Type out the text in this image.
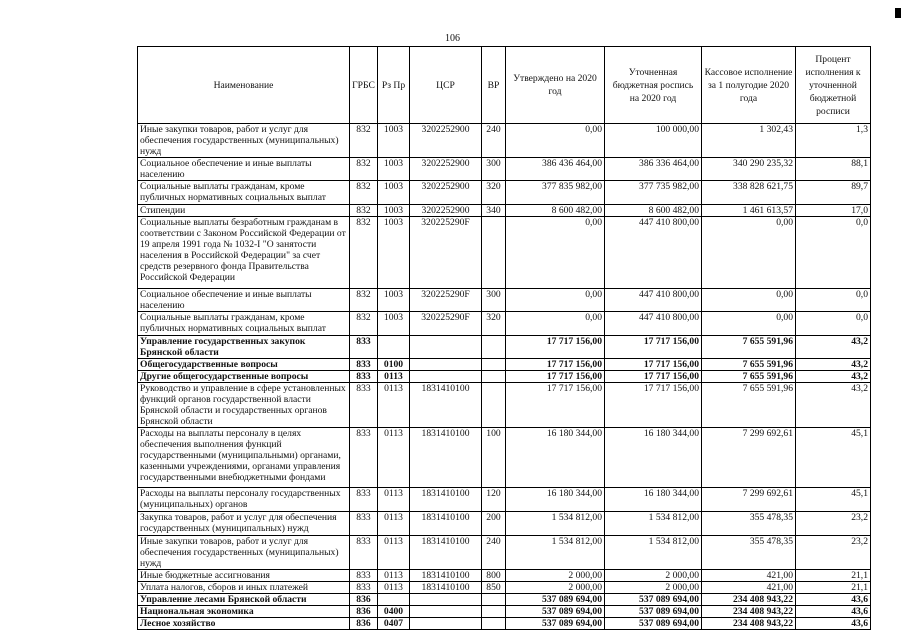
106
Наименование	ГРБС	Рз Пр	ЦСР	ВР	Утверждено на 2020 год	Уточненная бюджетная роспись на 2020 год	Кассовое исполнение за 1 полугодие 2020 года	Процент исполнения к уточненной бюджетной росписи
Иные закупки товаров, работ и услуг для обеспечения государственных (муниципальных) нужд	832	1003	3202252900	240	0,00	100 000,00	1 302,43	1,3
Социальное обеспечение и иные выплаты населению	832	1003	3202252900	300	386 436 464,00	386 336 464,00	340 290 235,32	88,1
Социальные выплаты гражданам, кроме публичных нормативных социальных выплат	832	1003	3202252900	320	377 835 982,00	377 735 982,00	338 828 621,75	89,7
Стипендии	832	1003	3202252900	340	8 600 482,00	8 600 482,00	1 461 613,57	17,0
Социальные выплаты безработным гражданам в соответствии с Законом Российской Федерации от 19 апреля 1991 года № 1032-I "О занятости населения в Российской Федерации" за счет средств резервного фонда Правительства Российской Федерации	832	1003	320225290F		0,00	447 410 800,00	0,00	0,0
Социальное обеспечение и иные выплаты населению	832	1003	320225290F	300	0,00	447 410 800,00	0,00	0,0
Социальные выплаты гражданам, кроме публичных нормативных социальных выплат	832	1003	320225290F	320	0,00	447 410 800,00	0,00	0,0
Управление государственных закупок Брянской области	833				17 717 156,00	17 717 156,00	7 655 591,96	43,2
Общегосударственные вопросы	833	0100			17 717 156,00	17 717 156,00	7 655 591,96	43,2
Другие общегосударственные вопросы	833	0113			17 717 156,00	17 717 156,00	7 655 591,96	43,2
Руководство и управление в сфере установленных функций органов государственной власти Брянской области и государственных органов Брянской области	833	0113	1831410100		17 717 156,00	17 717 156,00	7 655 591,96	43,2
Расходы на выплаты персоналу в целях обеспечения выполнения функций государственными (муниципальными) органами, казенными учреждениями, органами управления государственными внебюджетными фондами	833	0113	1831410100	100	16 180 344,00	16 180 344,00	7 299 692,61	45,1
Расходы на выплаты персоналу государственных (муниципальных) органов	833	0113	1831410100	120	16 180 344,00	16 180 344,00	7 299 692,61	45,1
Закупка товаров, работ и услуг для обеспечения государственных (муниципальных) нужд	833	0113	1831410100	200	1 534 812,00	1 534 812,00	355 478,35	23,2
Иные закупки товаров, работ и услуг для обеспечения государственных (муниципальных) нужд	833	0113	1831410100	240	1 534 812,00	1 534 812,00	355 478,35	23,2
Иные бюджетные ассигнования	833	0113	1831410100	800	2 000,00	2 000,00	421,00	21,1
Уплата налогов, сборов и иных платежей	833	0113	1831410100	850	2 000,00	2 000,00	421,00	21,1
Управление лесами Брянской области	836				537 089 694,00	537 089 694,00	234 408 943,22	43,6
Национальная экономика	836	0400			537 089 694,00	537 089 694,00	234 408 943,22	43,6
Лесное хозяйство	836	0407			537 089 694,00	537 089 694,00	234 408 943,22	43,6
